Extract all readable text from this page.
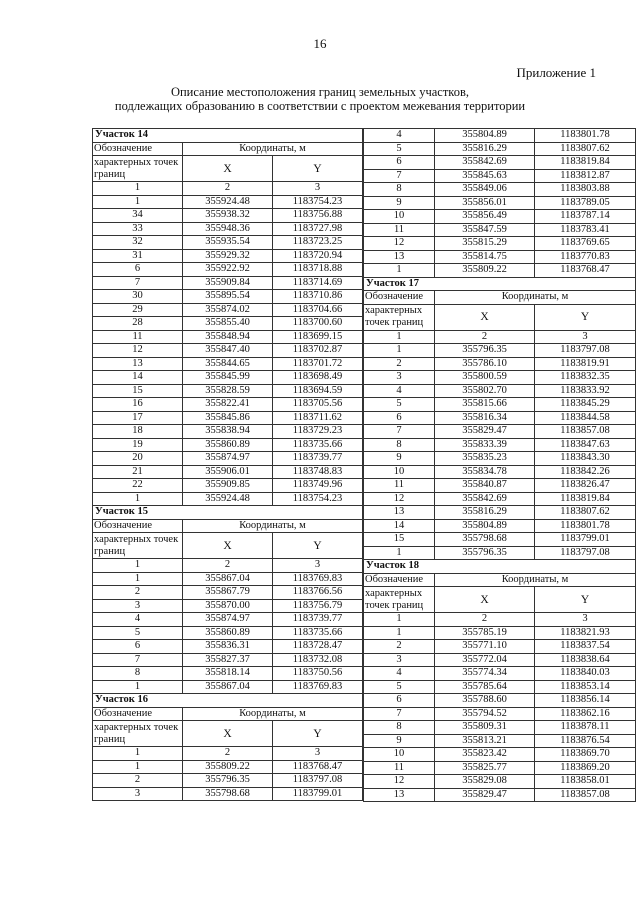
16
Приложение 1
Описание местоположения границ земельных участков,
подлежащих образованию в соответствии с проектом межевания территории
Участок 14		
Обозначение	Координаты, м	
характерных точек границ	X	Y
1	2	3
1	355924.48	1183754.23
34	355938.32	1183756.88
33	355948.36	1183727.98
32	355935.54	1183723.25
31	355929.32	1183720.94
6	355922.92	1183718.88
7	355909.84	1183714.69
30	355895.54	1183710.86
29	355874.02	1183704.66
28	355855.40	1183700.60
11	355848.94	1183699.15
12	355847.40	1183702.87
13	355844.65	1183701.72
14	355845.99	1183698.49
15	355828.59	1183694.59
16	355822.41	1183705.56
17	355845.86	1183711.62
18	355838.94	1183729.23
19	355860.89	1183735.66
20	355874.97	1183739.77
21	355906.01	1183748.83
22	355909.85	1183749.96
1	355924.48	1183754.23
Участок 15		
Обозначение	Координаты, м	
характерных точек границ	X	Y
1	2	3
1	355867.04	1183769.83
2	355867.79	1183766.56
3	355870.00	1183756.79
4	355874.97	1183739.77
5	355860.89	1183735.66
6	355836.31	1183728.47
7	355827.37	1183732.08
8	355818.14	1183750.56
1	355867.04	1183769.83
Участок 16		
Обозначение	Координаты, м	
характерных точек границ	X	Y
1	2	3
1	355809.22	1183768.47
2	355796.35	1183797.08
3	355798.68	1183799.01
4	355804.89	1183801.78
5	355816.29	1183807.62
6	355842.69	1183819.84
7	355845.63	1183812.87
8	355849.06	1183803.88
9	355856.01	1183789.05
10	355856.49	1183787.14
11	355847.59	1183783.41
12	355815.29	1183769.65
13	355814.75	1183770.83
1	355809.22	1183768.47
Участок 17		
Обозначение	Координаты, м	
характерных точек границ	X	Y
1	2	3
1	355796.35	1183797.08
2	355786.10	1183819.91
3	355800.59	1183832.35
4	355802.70	1183833.92
5	355815.66	1183845.29
6	355816.34	1183844.58
7	355829.47	1183857.08
8	355833.39	1183847.63
9	355835.23	1183843.30
10	355834.78	1183842.26
11	355840.87	1183826.47
12	355842.69	1183819.84
13	355816.29	1183807.62
14	355804.89	1183801.78
15	355798.68	1183799.01
1	355796.35	1183797.08
Участок 18		
Обозначение	Координаты, м	
характерных точек границ	X	Y
1	2	3
1	355785.19	1183821.93
2	355771.10	1183837.54
3	355772.04	1183838.64
4	355774.34	1183840.03
5	355785.64	1183853.14
6	355788.60	1183856.14
7	355794.52	1183862.16
8	355809.31	1183878.11
9	355813.21	1183876.54
10	355823.42	1183869.70
11	355825.77	1183869.20
12	355829.08	1183858.01
13	355829.47	1183857.08
